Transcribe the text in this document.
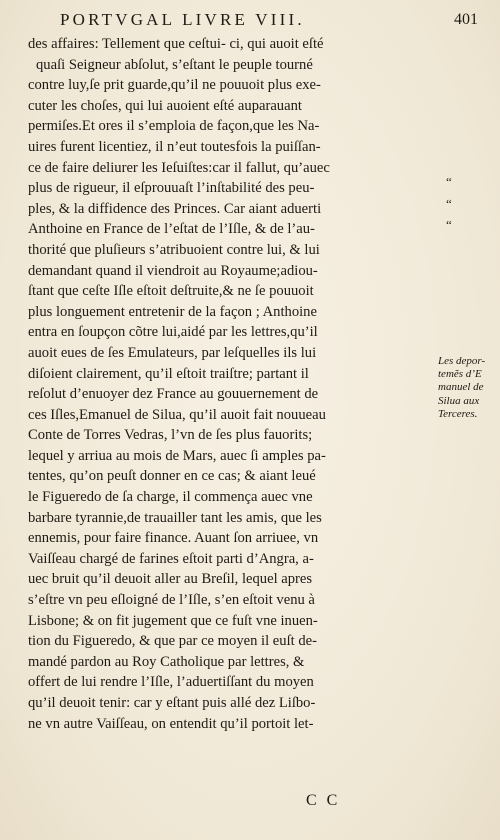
PORTVGAL LIVRE VIII.	401
des affaires: Tellement que ceſtui- ci, qui auoit eſté
quaſi Seigneur abſolut, s’eſtant le peuple tourné
contre luy,ſe prit guarde,qu’il ne pouuoit plus exe-
cuter les choſes, qui lui auoient eſté auparauant
permiſes.Et ores il s’emploia de façon,que les Na-
uires furent licentiez, il n’eut toutesfois la puiſſan-
ce de faire deliurer les Ieſuiſtes:car il fallut, qu’auec
plus de rigueur, il eſprouuaſt l’inſtabilité des peu-
ples, & la diffidence des Princes. Car aiant aduerti
Anthoine en France de l’eſtat de l’Iſle, & de l’au-
thorité que pluſieurs s’atribuoient contre lui, & lui
demandant quand il viendroit au Royaume;adiou-
ſtant que ceſte Iſle eſtoit deſtruite,& ne ſe pouuoit
plus longuement entretenir de la façon ; Anthoine
entra en ſoupçon cõtre lui,aidé par les lettres,qu’il
auoit eues de ſes Emulateurs, par leſquelles ils lui
diſoient clairement, qu’il eſtoit traiſtre; partant il
reſolut d’enuoyer dez France au gouuernement de
ces Iſles,Emanuel de Silua, qu’il auoit fait nouueau
Conte de Torres Vedras, l’vn de ſes plus fauorits;
lequel y arriua au mois de Mars, auec ſi amples pa-
tentes, qu’on peuſt donner en ce cas; & aiant leué
le Figueredo de ſa charge, il commença auec vne
barbare tyrannie,de trauailler tant les amis, que les
ennemis, pour faire finance. Auant ſon arriuee, vn
Vaiſſeau chargé de farines eſtoit parti d’Angra, a-
uec bruit qu’il deuoit aller au Breſil, lequel apres
s’eſtre vn peu eſloigné de l’Iſle, s’en eſtoit venu à
Lisbone; & on fit jugement que ce fuſt vne inuen-
tion du Figueredo, & que par ce moyen il euſt de-
mandé pardon au Roy Catholique par lettres, &
offert de lui rendre l’Iſle, l’aduertiſſant du moyen
qu’il deuoit tenir: car y eſtant puis allé dez Liſbo-
ne vn autre Vaiſſeau, on entendit qu’il portoit let-
“
“
“
Les depor-
temẽs d’E
manuel de
Silua aux
Terceres.
C C
